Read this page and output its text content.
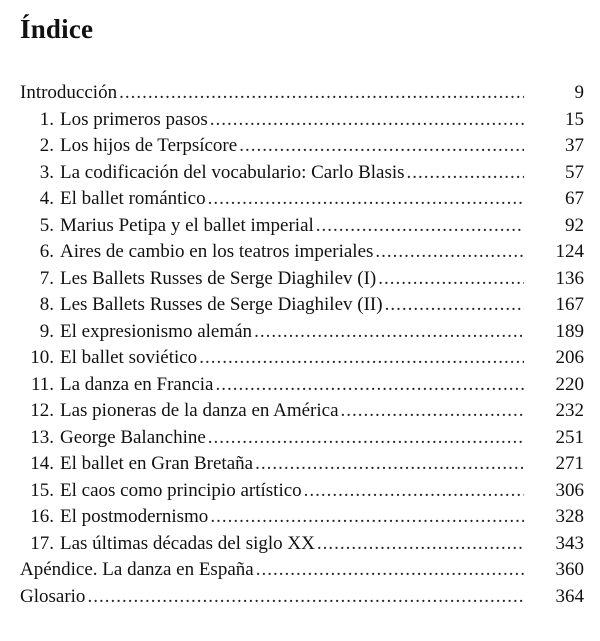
Índice
Introducción .....	9
1. Los primeros pasos .....	15
2. Los hijos de Terpsícore .....	37
3. La codificación del vocabulario: Carlo Blasis .....	57
4. El ballet romántico .....	67
5. Marius Petipa y el ballet imperial .....	92
6. Aires de cambio en los teatros imperiales .....	124
7. Les Ballets Russes de Serge Diaghilev (I) .....	136
8. Les Ballets Russes de Serge Diaghilev (II) .....	167
9. El expresionismo alemán .....	189
10. El ballet soviético .....	206
11. La danza en Francia .....	220
12. Las pioneras de la danza en América .....	232
13. George Balanchine .....	251
14. El ballet en Gran Bretaña .....	271
15. El caos como principio artístico .....	306
16. El postmodernismo .....	328
17. Las últimas décadas del siglo XX .....	343
Apéndice. La danza en España .....	360
Glosario .....	364
